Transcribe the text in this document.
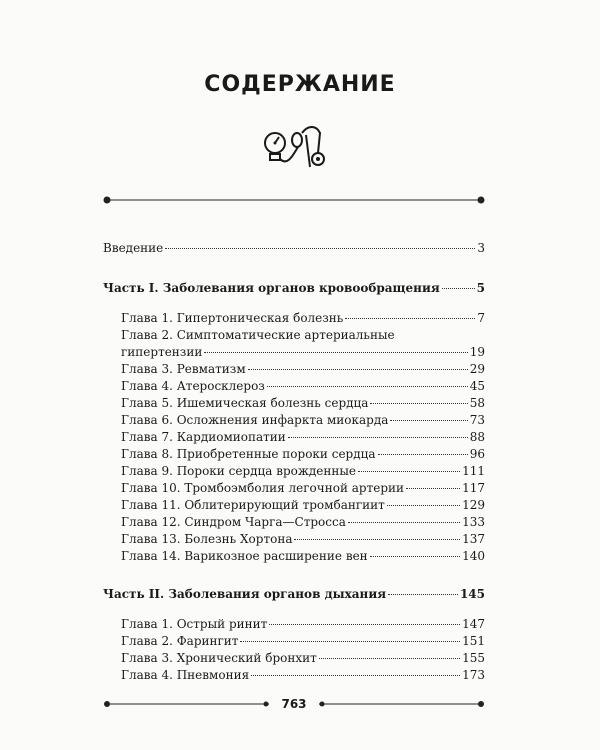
СОДЕРЖАНИЕ
Введение	3
Часть I. Заболевания органов кровообращения	5
Глава 1. Гипертоническая болезнь	7
Глава 2. Симптоматические артериальные
гипертензии	19
Глава 3. Ревматизм	29
Глава 4. Атеросклероз	45
Глава 5. Ишемическая болезнь сердца	58
Глава 6. Осложнения инфаркта миокарда	73
Глава 7. Кардиомиопатии	88
Глава 8. Приобретенные пороки сердца	96
Глава 9. Пороки сердца врожденные	111
Глава 10. Тромбоэмболия легочной артерии	117
Глава 11. Облитерирующий тромбангиит	129
Глава 12. Синдром Чарга—Стросса	133
Глава 13. Болезнь Хортона	137
Глава 14. Варикозное расширение вен	140
Часть II. Заболевания органов дыхания	145
Глава 1. Острый ринит	147
Глава 2. Фарингит	151
Глава 3. Хронический бронхит	155
Глава 4. Пневмония	173
763
